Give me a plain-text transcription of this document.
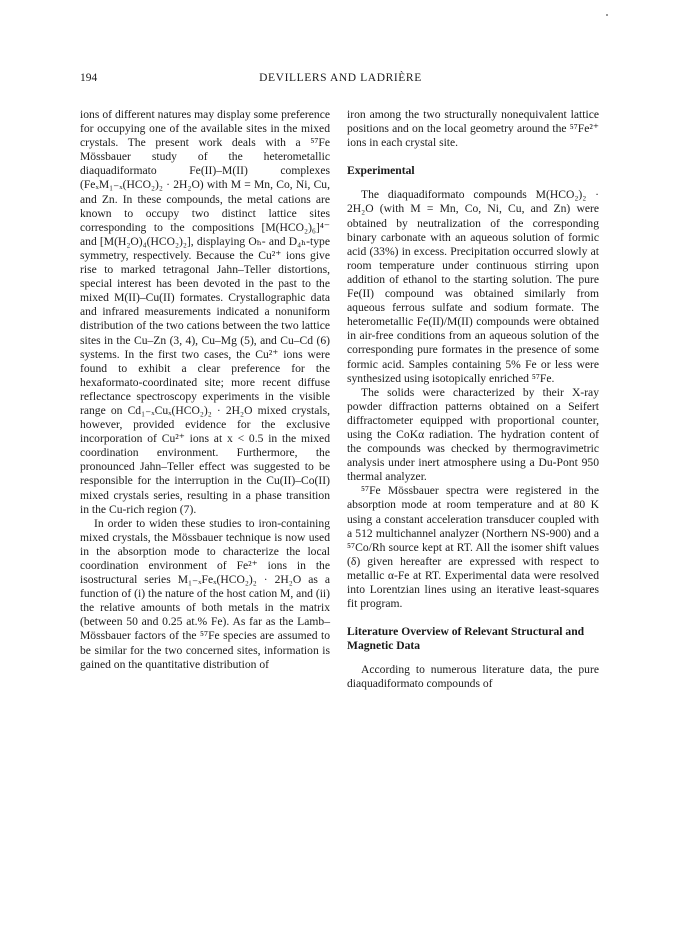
194	DEVILLERS AND LADRIÈRE

ions of different natures may display some preference for occupying one of the available sites in the mixed crystals. The present work deals with a ⁵⁷Fe Mössbauer study of the heterometallic diaquadiformato Fe(II)–M(II) complexes (FeₓM₁₋ₓ(HCO₂)₂ · 2H₂O) with M = Mn, Co, Ni, Cu, and Zn. In these compounds, the metal cations are known to occupy two distinct lattice sites corresponding to the compositions [M(HCO₂)₆]⁴⁻ and [M(H₂O)₄(HCO₂)₂], displaying Oₕ- and D₄ₕ-type symmetry, respectively. Because the Cu²⁺ ions give rise to marked tetragonal Jahn–Teller distortions, special interest has been devoted in the past to the mixed M(II)–Cu(II) formates. Crystallographic data and infrared measurements indicated a nonuniform distribution of the two cations between the two lattice sites in the Cu–Zn (3, 4), Cu–Mg (5), and Cu–Cd (6) systems. In the first two cases, the Cu²⁺ ions were found to exhibit a clear preference for the hexaformato-coordinated site; more recent diffuse reflectance spectroscopy experiments in the visible range on Cd₁₋ₓCuₓ(HCO₂)₂ · 2H₂O mixed crystals, however, provided evidence for the exclusive incorporation of Cu²⁺ ions at x < 0.5 in the mixed coordination environment. Furthermore, the pronounced Jahn–Teller effect was suggested to be responsible for the interruption in the Cu(II)–Co(II) mixed crystals series, resulting in a phase transition in the Cu-rich region (7).

In order to widen these studies to iron-containing mixed crystals, the Mössbauer technique is now used in the absorption mode to characterize the local coordination environment of Fe²⁺ ions in the isostructural series M₁₋ₓFeₓ(HCO₂)₂ · 2H₂O as a function of (i) the nature of the host cation M, and (ii) the relative amounts of both metals in the matrix (between 50 and 0.25 at.% Fe). As far as the Lamb–Mössbauer factors of the ⁵⁷Fe species are assumed to be similar for the two concerned sites, information is gained on the quantitative distribution of

iron among the two structurally nonequivalent lattice positions and on the local geometry around the ⁵⁷Fe²⁺ ions in each crystal site.

Experimental

The diaquadiformato compounds M(HCO₂)₂ · 2H₂O (with M = Mn, Co, Ni, Cu, and Zn) were obtained by neutralization of the corresponding binary carbonate with an aqueous solution of formic acid (33%) in excess. Precipitation occurred slowly at room temperature under continuous stirring upon addition of ethanol to the starting solution. The pure Fe(II) compound was obtained similarly from aqueous ferrous sulfate and sodium formate. The heterometallic Fe(II)/M(II) compounds were obtained in air-free conditions from an aqueous solution of the corresponding pure formates in the presence of some formic acid. Samples containing 5% Fe or less were synthesized using isotopically enriched ⁵⁷Fe.

The solids were characterized by their X-ray powder diffraction patterns obtained on a Seifert diffractometer equipped with proportional counter, using the CoKα radiation. The hydration content of the compounds was checked by thermogravimetric analysis under inert atmosphere using a Du-Pont 950 thermal analyzer.

⁵⁷Fe Mössbauer spectra were registered in the absorption mode at room temperature and at 80 K using a constant acceleration transducer coupled with a 512 multichannel analyzer (Northern NS-900) and a ⁵⁷Co/Rh source kept at RT. All the isomer shift values (δ) given hereafter are expressed with respect to metallic α-Fe at RT. Experimental data were resolved into Lorentzian lines using an iterative least-squares fit program.

Literature Overview of Relevant Structural and Magnetic Data

According to numerous literature data, the pure diaquadiformato compounds of
